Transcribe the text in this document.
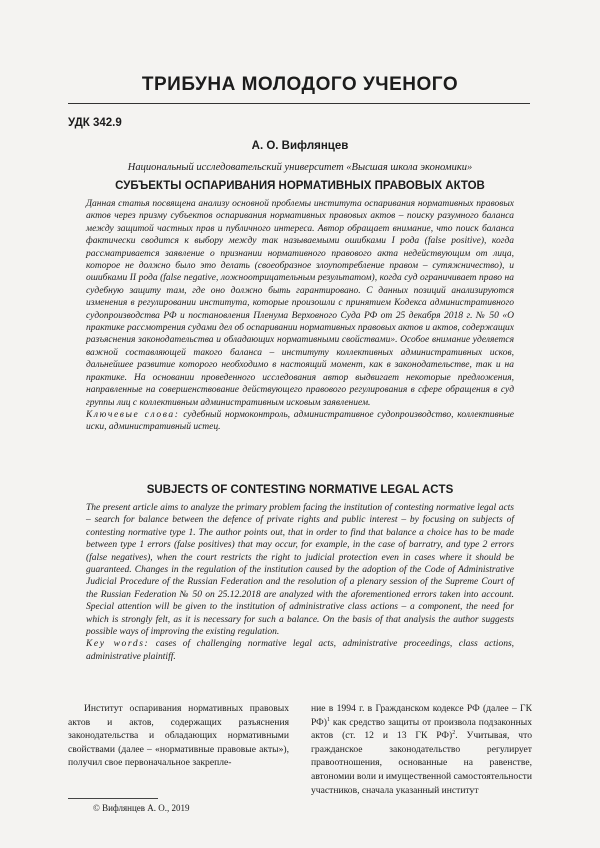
ТРИБУНА МОЛОДОГО УЧЕНОГО
УДК 342.9
А. О. Вифлянцев
Национальный исследовательский университет «Высшая школа экономики»
СУБЪЕКТЫ ОСПАРИВАНИЯ НОРМАТИВНЫХ ПРАВОВЫХ АКТОВ

Данная статья посвящена анализу основной проблемы института оспаривания нормативных правовых актов через призму субъектов оспаривания нормативных правовых актов – поиску разумного баланса между защитой частных прав и публичного интереса. Автор обращает внимание, что поиск баланса фактически сводится к выбору между так называемыми ошибками I рода (false positive), когда рассматривается заявление о признании нормативного правового акта недействующим от лица, которое не должно было это делать (своеобразное злоупотребление правом – сутяжничество), и ошибками II рода (false negative, ложноотрицательным результатом), когда суд ограничивает право на судебную защиту там, где оно должно быть гарантировано. С данных позиций анализируются изменения в регулировании института, которые произошли с принятием Кодекса административного судопроизводства РФ и постановления Пленума Верховного Суда РФ от 25 декабря 2018 г. № 50 «О практике рассмотрения судами дел об оспаривании нормативных правовых актов и актов, содержащих разъяснения законодательства и обладающих нормативными свойствами». Особое внимание уделяется важной составляющей такого баланса – институту коллективных административных исков, дальнейшее развитие которого необходимо в настоящий момент, как в законодательстве, так и на практике. На основании проведенного исследования автор выдвигает некоторые предложения, направленные на совершенствование действующего правового регулирования в сфере обращения в суд группы лиц с коллективным административным исковым заявлением.

Ключевые слова: судебный нормоконтроль, административное судопроизводство, коллективные иски, административный истец.

SUBJECTS OF CONTESTING NORMATIVE LEGAL ACTS

The present article aims to analyze the primary problem facing the institution of contesting normative legal acts – search for balance between the defence of private rights and public interest – by focusing on subjects of contesting normative type 1. The author points out, that in order to find that balance a choice has to be made between type 1 errors (false positives) that may occur, for example, in the case of barratry, and type 2 errors (false negatives), when the court restricts the right to judicial protection even in cases where it should be guaranteed. Changes in the regulation of the institution caused by the adoption of the Code of Administrative Judicial Procedure of the Russian Federation and the resolution of a plenary session of the Supreme Court of the Russian Federation № 50 on 25.12.2018 are analyzed with the aforementioned errors taken into account. Special attention will be given to the institution of administrative class actions – a component, the need for which is strongly felt, as it is necessary for such a balance. On the basis of that analysis the author suggests possible ways of improving the existing regulation.

Key words: cases of challenging normative legal acts, administrative proceedings, class actions, administrative plaintiff.

Институт оспаривания нормативных правовых актов и актов, содержащих разъяснения законодательства и обладающих нормативными свойствами (далее – «нормативные правовые акты»), получил свое первоначальное закрепле-

ние в 1994 г. в Гражданском кодексе РФ (далее – ГК РФ)$^1$ как средство защиты от произвола подзаконных актов (ст. 12 и 13 ГК РФ)$^2$. Учитывая, что гражданское законодательство регулирует правоотношения, основанные на равенстве, автономии воли и имущественной самостоятельности участников, сначала указанный институт

© Вифлянцев А. О., 2019
